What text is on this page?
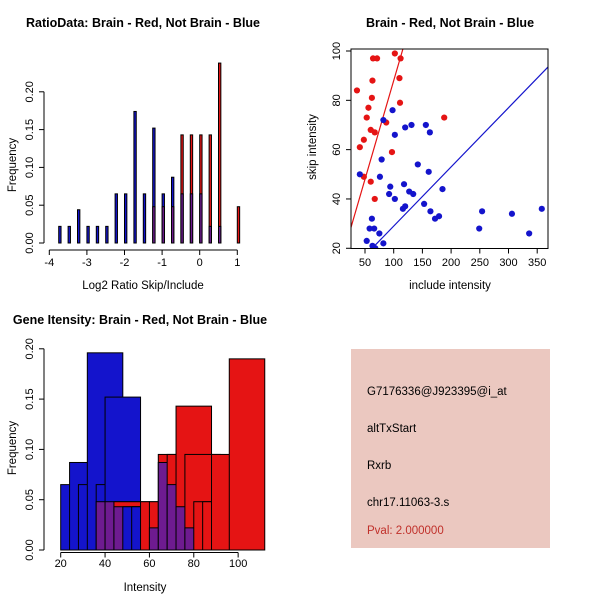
RatioData: Brain - Red, Not Brain - Blue
-4	-3	-2	-1	0	1
0.00
0.05
0.10
0.15
0.20
Log2 Ratio Skip/Include
Frequency
Brain - Red, Not Brain - Blue
50 100 150 200 250 300 350
20
40
60
80
100
include intensity
skip intensity
Gene Itensity: Brain - Red, Not Brain - Blue
20	40	60	80	100
0.00
0.05
0.10
0.15
0.20
Intensity
Frequency
G7176336@J923395@i_at
altTxStart
Rxrb
chr17.11063-3.s
Pval: 2.000000
